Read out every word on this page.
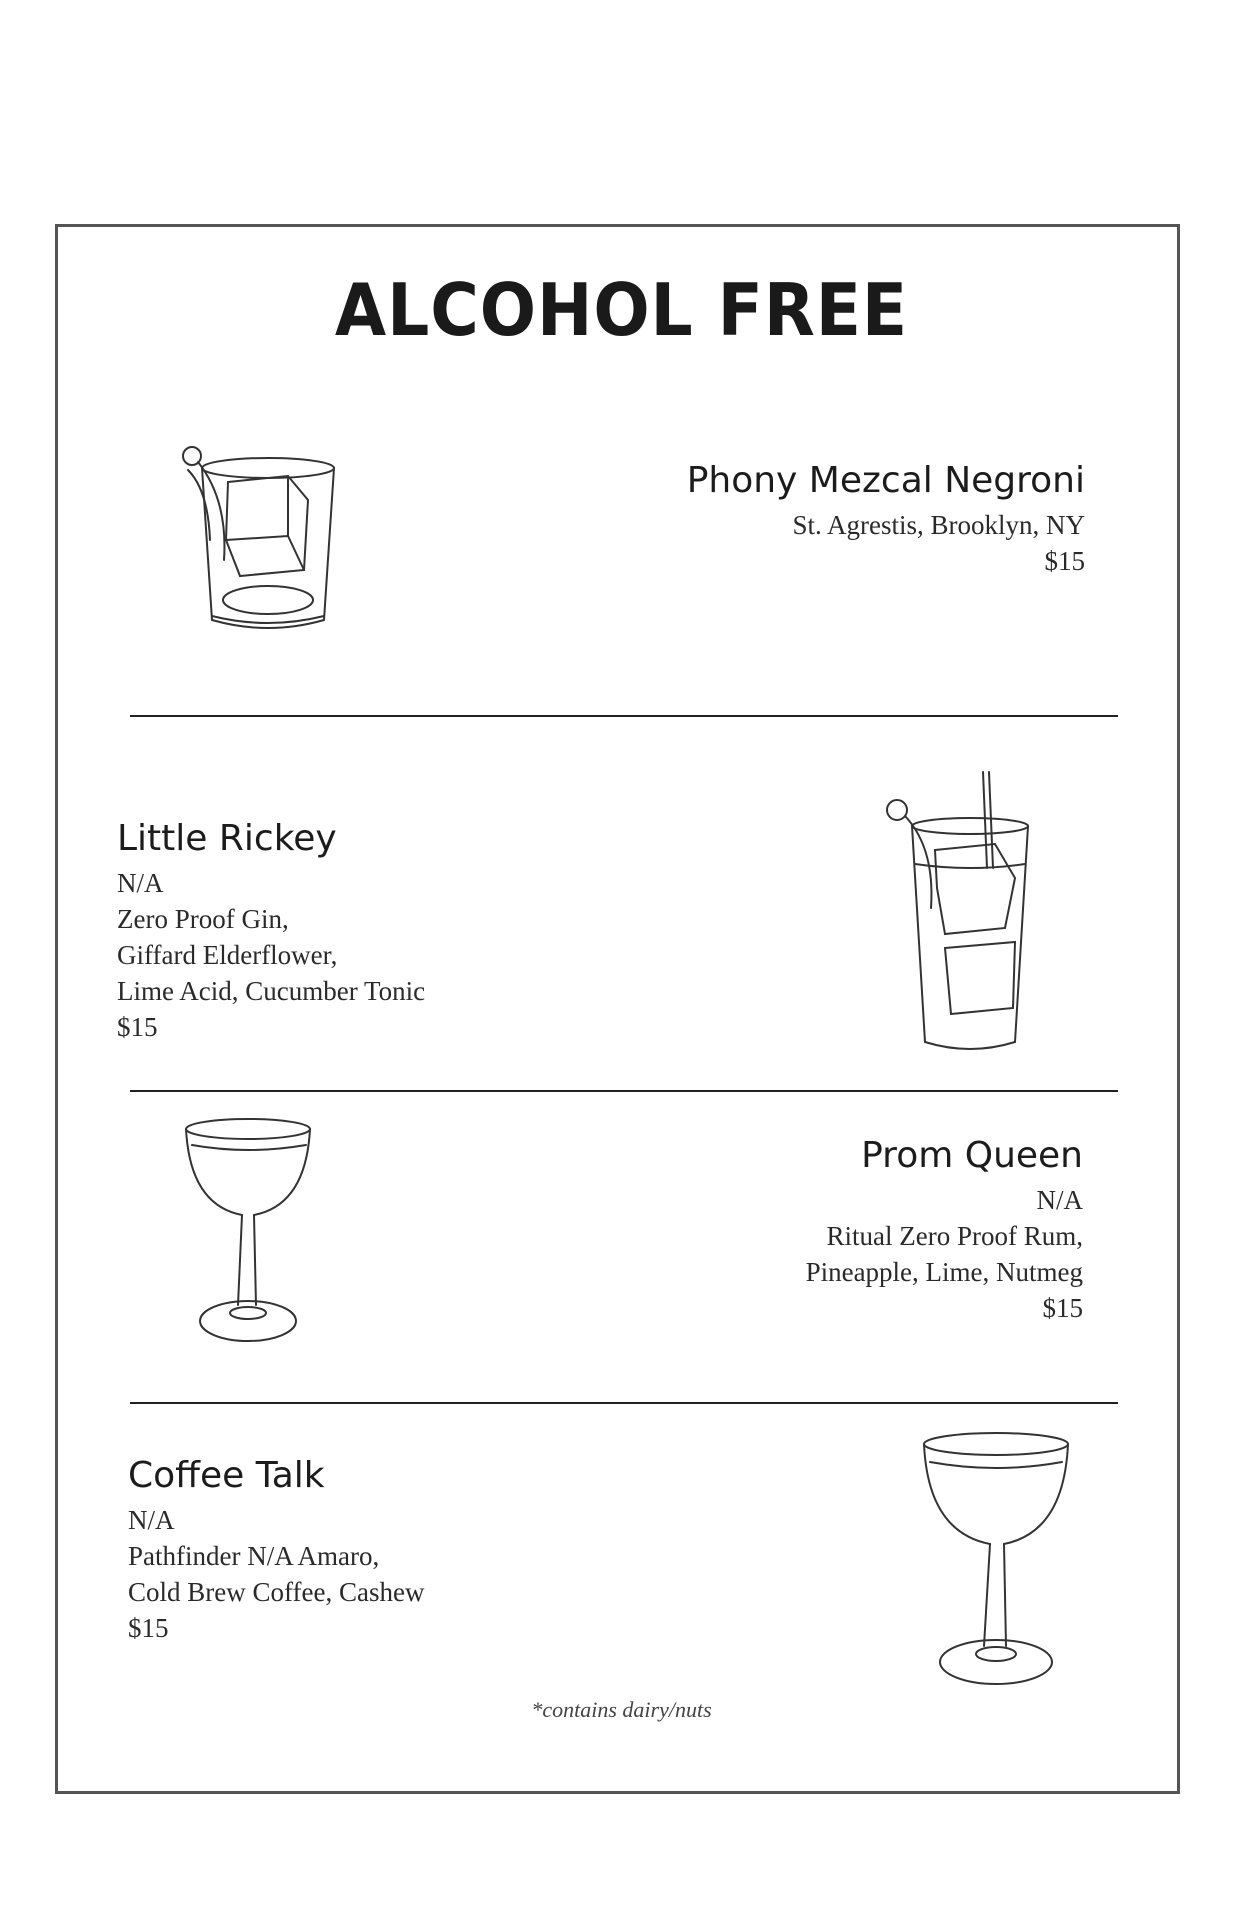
ALCOHOL FREE
Phony Mezcal Negroni
St. Agrestis, Brooklyn, NY
$15
Little Rickey
N/A
Zero Proof Gin,
Giffard Elderflower,
Lime Acid, Cucumber Tonic
$15
Prom Queen
N/A
Ritual Zero Proof Rum,
Pineapple, Lime, Nutmeg
$15
Coffee Talk
N/A
Pathfinder N/A Amaro,
Cold Brew Coffee, Cashew
$15
*contains dairy/nuts
